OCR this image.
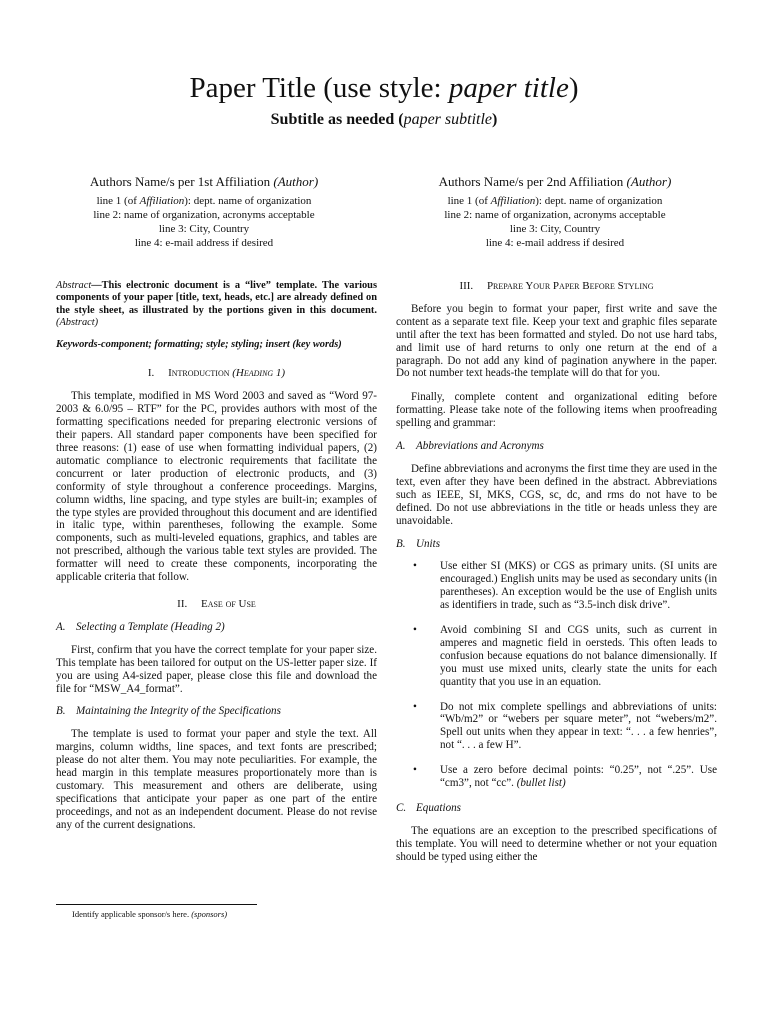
Paper Title (use style: paper title)
Subtitle as needed (paper subtitle)
Authors Name/s per 1st Affiliation (Author)
line 1 (of Affiliation): dept. name of organization
line 2: name of organization, acronyms acceptable
line 3: City, Country
line 4: e-mail address if desired
Authors Name/s per 2nd Affiliation (Author)
line 1 (of Affiliation): dept. name of organization
line 2: name of organization, acronyms acceptable
line 3: City, Country
line 4: e-mail address if desired

Abstract—This electronic document is a “live” template. The various components of your paper [title, text, heads, etc.] are already defined on the style sheet, as illustrated by the portions given in this document. (Abstract)

Keywords-component; formatting; style; styling; insert (key words)

I. Introduction (Heading 1)

This template, modified in MS Word 2003 and saved as “Word 97-2003 & 6.0/95 – RTF” for the PC, provides authors with most of the formatting specifications needed for preparing electronic versions of their papers. All standard paper components have been specified for three reasons: (1) ease of use when formatting individual papers, (2) automatic compliance to electronic requirements that facilitate the concurrent or later production of electronic products, and (3) conformity of style throughout a conference proceedings. Margins, column widths, line spacing, and type styles are built-in; examples of the type styles are provided throughout this document and are identified in italic type, within parentheses, following the example. Some components, such as multi-leveled equations, graphics, and tables are not prescribed, although the various table text styles are provided. The formatter will need to create these components, incorporating the applicable criteria that follow.

II. Ease of Use
A. Selecting a Template (Heading 2)

First, confirm that you have the correct template for your paper size. This template has been tailored for output on the US-letter paper size. If you are using A4-sized paper, please close this file and download the file for “MSW_A4_format”.

B. Maintaining the Integrity of the Specifications

The template is used to format your paper and style the text. All margins, column widths, line spaces, and text fonts are prescribed; please do not alter them. You may note peculiarities. For example, the head margin in this template measures proportionately more than is customary. This measurement and others are deliberate, using specifications that anticipate your paper as one part of the entire proceedings, and not as an independent document. Please do not revise any of the current designations.

III. Prepare Your Paper Before Styling

Before you begin to format your paper, first write and save the content as a separate text file. Keep your text and graphic files separate until after the text has been formatted and styled. Do not use hard tabs, and limit use of hard returns to only one return at the end of a paragraph. Do not add any kind of pagination anywhere in the paper. Do not number text heads-the template will do that for you.

Finally, complete content and organizational editing before formatting. Please take note of the following items when proofreading spelling and grammar:

A. Abbreviations and Acronyms

Define abbreviations and acronyms the first time they are used in the text, even after they have been defined in the abstract. Abbreviations such as IEEE, SI, MKS, CGS, sc, dc, and rms do not have to be defined. Do not use abbreviations in the title or heads unless they are unavoidable.

B. Units
• Use either SI (MKS) or CGS as primary units. (SI units are encouraged.) English units may be used as secondary units (in parentheses). An exception would be the use of English units as identifiers in trade, such as “3.5-inch disk drive”.
• Avoid combining SI and CGS units, such as current in amperes and magnetic field in oersteds. This often leads to confusion because equations do not balance dimensionally. If you must use mixed units, clearly state the units for each quantity that you use in an equation.
• Do not mix complete spellings and abbreviations of units: “Wb/m2” or “webers per square meter”, not “webers/m2”. Spell out units when they appear in text: “. . . a few henries”, not “. . . a few H”.
• Use a zero before decimal points: “0.25”, not “.25”. Use “cm3”, not “cc”. (bullet list)
C. Equations

The equations are an exception to the prescribed specifications of this template. You will need to determine whether or not your equation should be typed using either the

Identify applicable sponsor/s here. (sponsors)
